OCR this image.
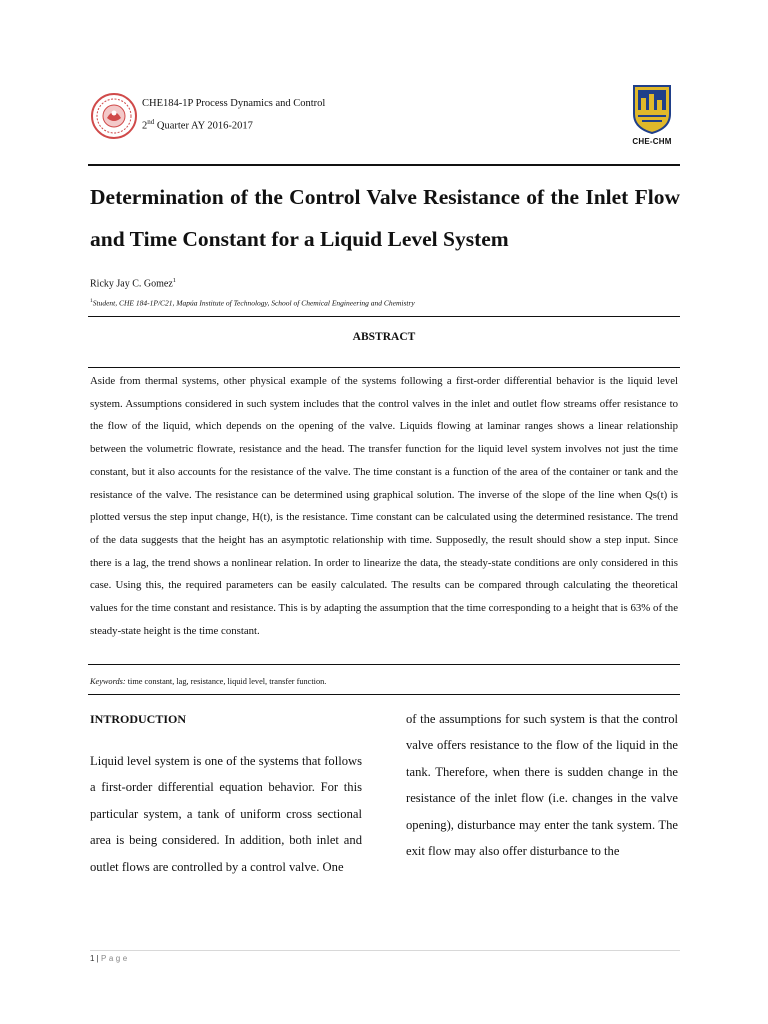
CHE184-1P Process Dynamics and Control
2nd Quarter AY 2016-2017
CHE-CHM
Determination of the Control Valve Resistance of the Inlet Flow and Time Constant for a Liquid Level System
Ricky Jay C. Gomez$^1$
$^1$Student, CHE 184-1P/C21, Mapúa Institute of Technology, School of Chemical Engineering and Chemistry
ABSTRACT
Aside from thermal systems, other physical example of the systems following a first-order differential behavior is the liquid level system. Assumptions considered in such system includes that the control valves in the inlet and outlet flow streams offer resistance to the flow of the liquid, which depends on the opening of the valve. Liquids flowing at laminar ranges shows a linear relationship between the volumetric flowrate, resistance and the head. The transfer function for the liquid level system involves not just the time constant, but it also accounts for the resistance of the valve. The time constant is a function of the area of the container or tank and the resistance of the valve. The resistance can be determined using graphical solution. The inverse of the slope of the line when Qs(t) is plotted versus the step input change, H(t), is the resistance. Time constant can be calculated using the determined resistance. The trend of the data suggests that the height has an asymptotic relationship with time. Supposedly, the result should show a step input. Since there is a lag, the trend shows a nonlinear relation. In order to linearize the data, the steady-state conditions are only considered in this case. Using this, the required parameters can be easily calculated. The results can be compared through calculating the theoretical values for the time constant and resistance. This is by adapting the assumption that the time corresponding to a height that is 63% of the steady-state height is the time constant.
Keywords: time constant, lag, resistance, liquid level, transfer function.
INTRODUCTION
Liquid level system is one of the systems that follows a first-order differential equation behavior. For this particular system, a tank of uniform cross sectional area is being considered. In addition, both inlet and outlet flows are controlled by a control valve. One
of the assumptions for such system is that the control valve offers resistance to the flow of the liquid in the tank. Therefore, when there is sudden change in the resistance of the inlet flow (i.e. changes in the valve opening), disturbance may enter the tank system. The exit flow may also offer disturbance to the
1 | Page
